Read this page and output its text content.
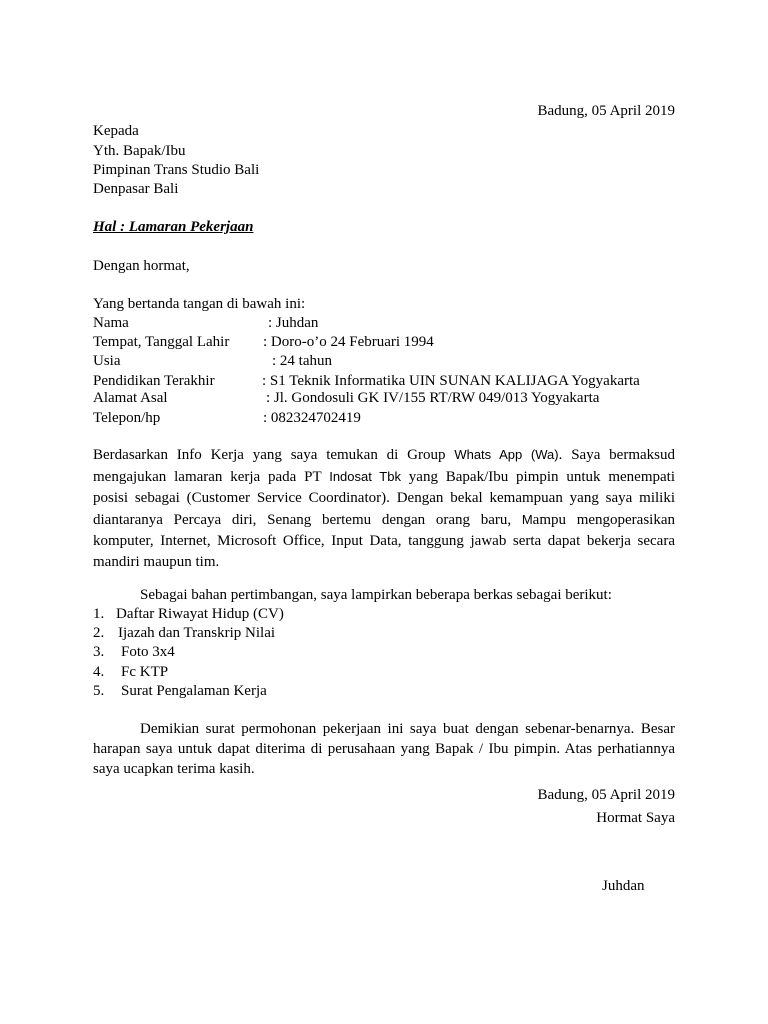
Badung, 05 April 2019
Kepada
Yth. Bapak/Ibu
Pimpinan Trans Studio Bali
Denpasar Bali
Hal : Lamaran Pekerjaan
Dengan hormat,
Yang bertanda tangan di bawah ini:
Nama	: Juhdan
Tempat, Tanggal Lahir : Doro-o’o 24 Februari 1994
Usia	: 24 tahun
Pendidikan Terakhir	: S1 Teknik Informatika UIN SUNAN KALIJAGA Yogyakarta
Alamat Asal	: Jl. Gondosuli GK IV/155 RT/RW 049/013 Yogyakarta
Telepon/hp	: 082324702419
Berdasarkan Info Kerja yang saya temukan di Group Whats App (Wa). Saya bermaksud
mengajukan lamaran kerja pada PT Indosat Tbk yang Bapak/Ibu pimpin untuk menempati
posisi sebagai (Customer Service Coordinator). Dengan bekal kemampuan yang saya miliki
diantaranya Percaya diri, Senang bertemu dengan orang baru, Mampu mengoperasikan
komputer, Internet, Microsoft Office, Input Data, tanggung jawab serta dapat bekerja secara
mandiri maupun tim.
Sebagai bahan pertimbangan, saya lampirkan beberapa berkas sebagai berikut:
1. Daftar Riwayat Hidup (CV)
2. Ijazah dan Transkrip Nilai
3. Foto 3x4
4. Fc KTP
5. Surat Pengalaman Kerja
Demikian surat permohonan pekerjaan ini saya buat dengan sebenar-benarnya. Besar
harapan saya untuk dapat diterima di perusahaan yang Bapak / Ibu pimpin. Atas perhatiannya
saya ucapkan terima kasih.
Badung, 05 April 2019
Hormat Saya
Juhdan
